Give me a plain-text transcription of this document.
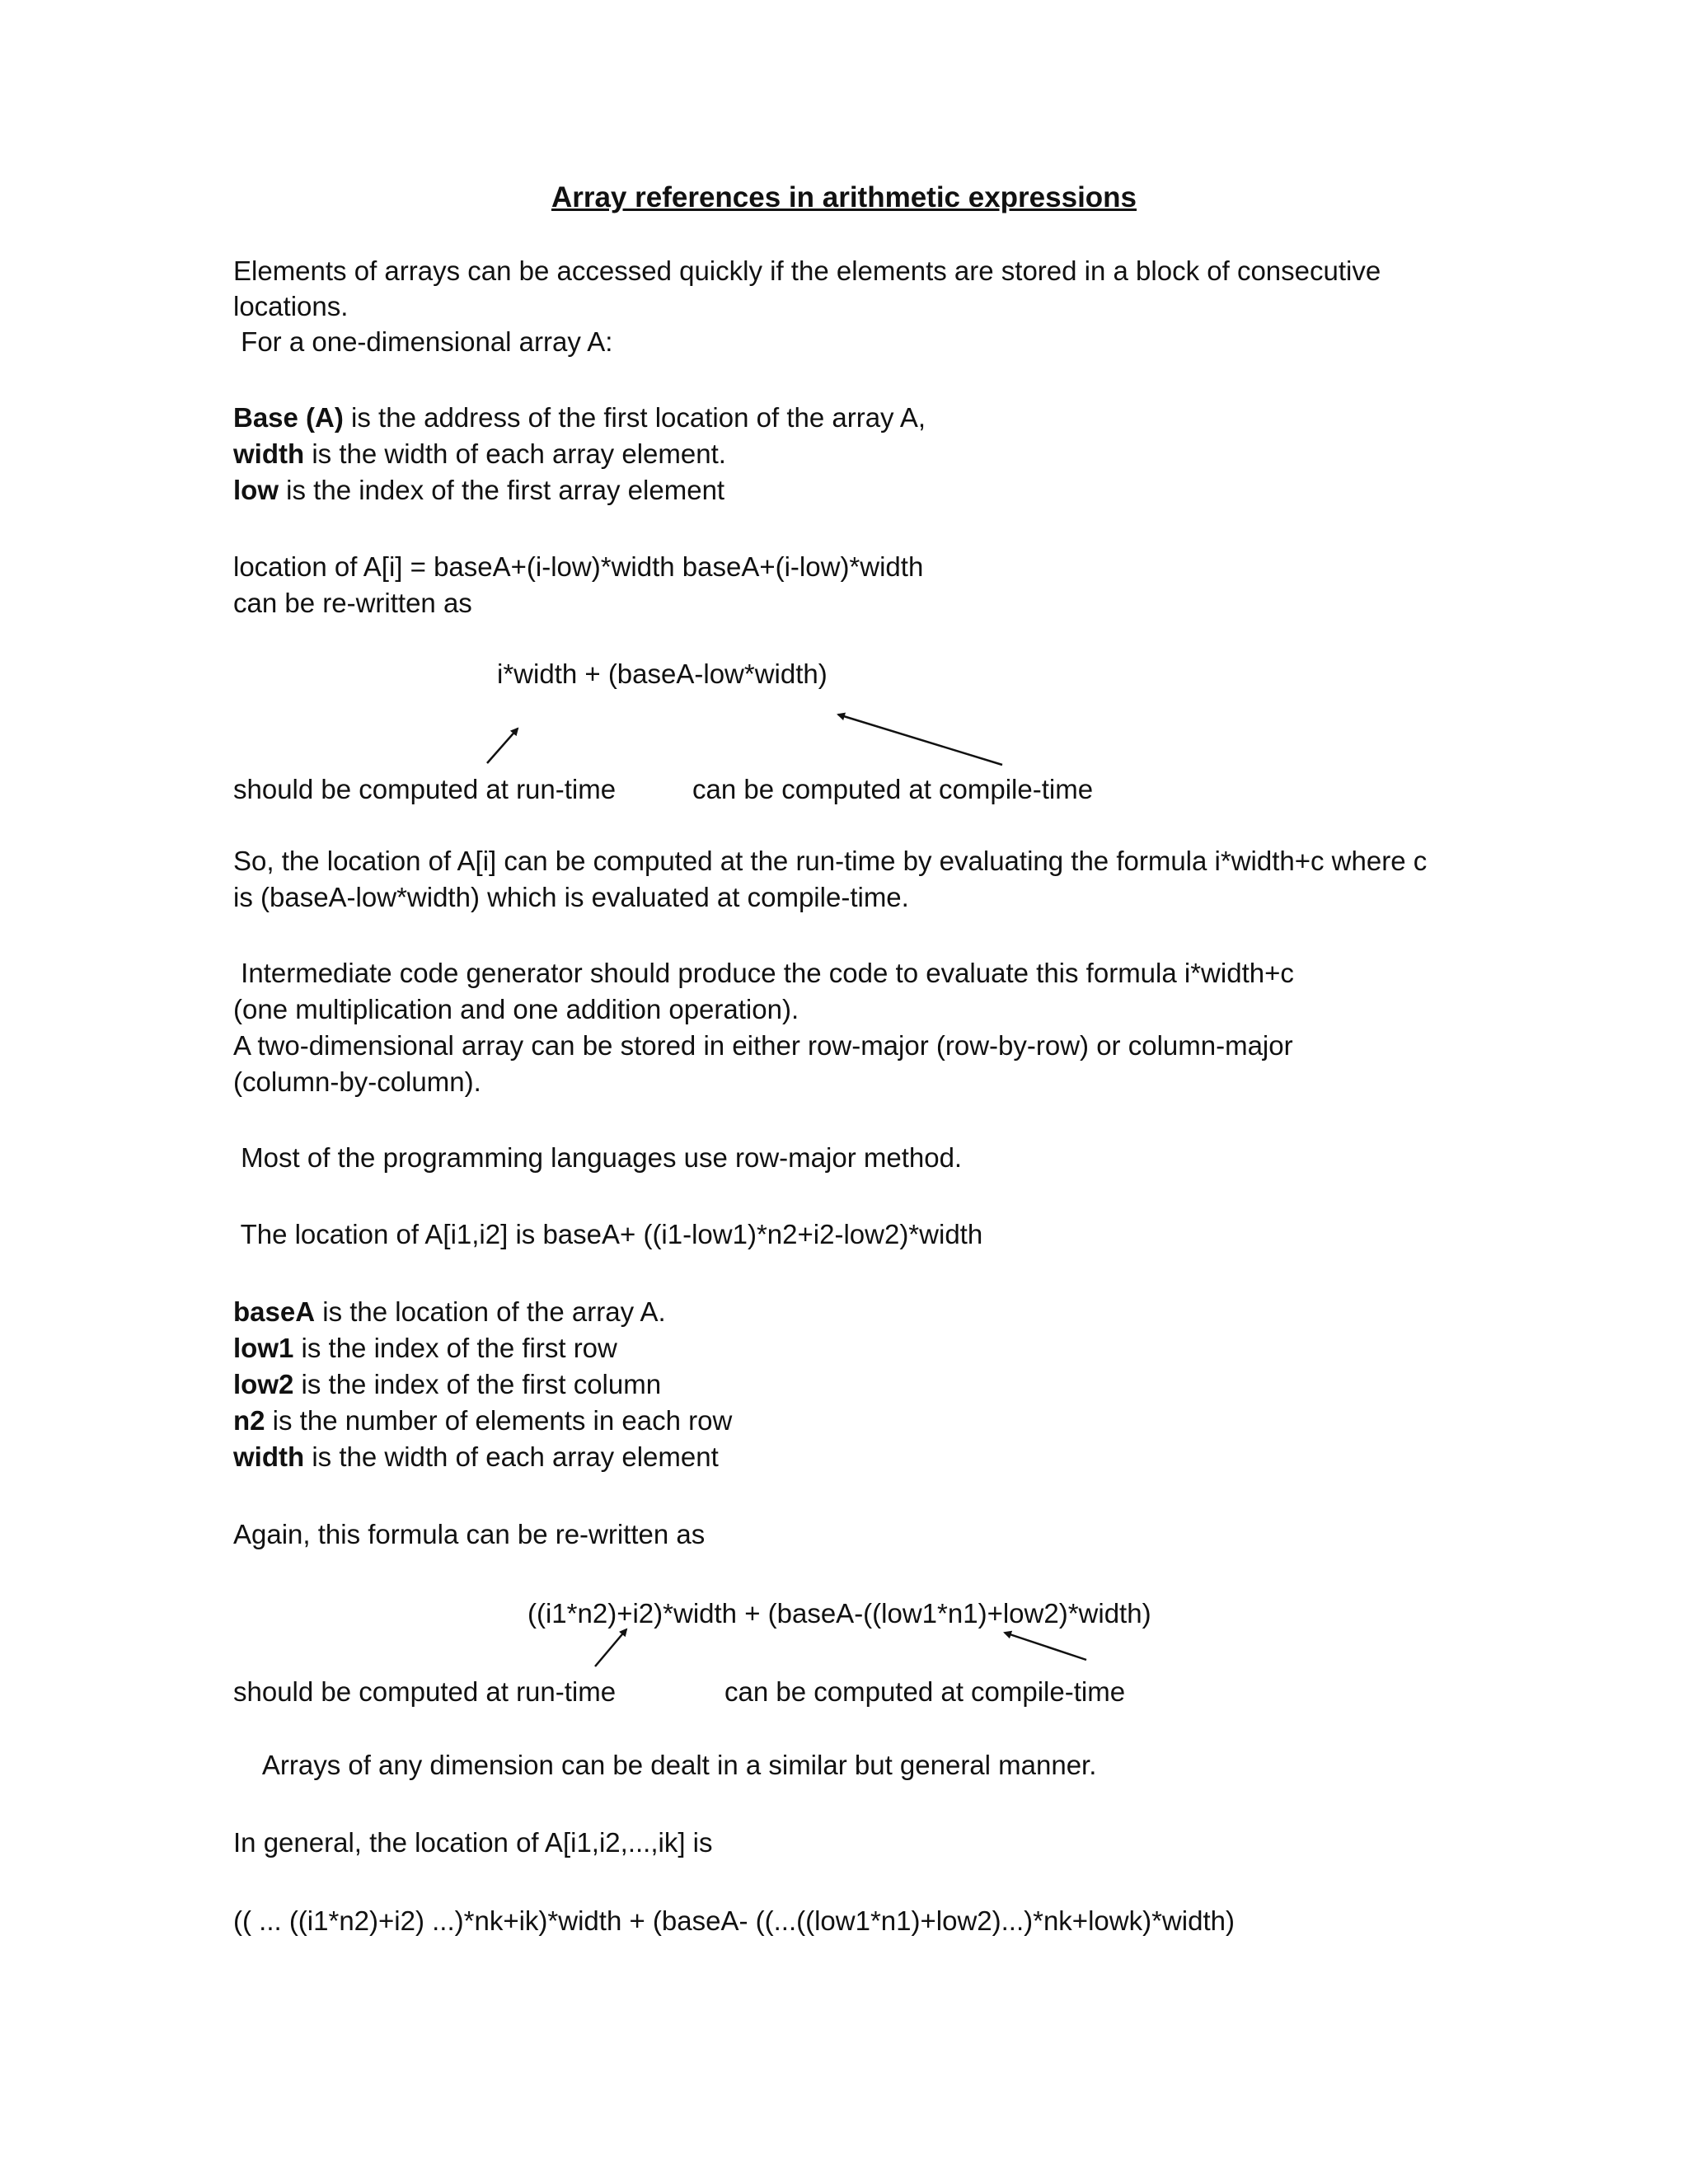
Array references in arithmetic expressions
Elements of arrays can be accessed quickly if the elements are stored in a block of consecutive
locations.
For a one-dimensional array A:
Base (A) is the address of the first location of the array A,
width is the width of each array element.
low is the index of the first array element
location of A[i] = baseA+(i-low)*width baseA+(i-low)*width
can be re-written as
i*width + (baseA-low*width)
should be computed at run-time	can be computed at compile-time
So, the location of A[i] can be computed at the run-time by evaluating the formula i*width+c where c
is (baseA-low*width) which is evaluated at compile-time.
Intermediate code generator should produce the code to evaluate this formula i*width+c
(one multiplication and one addition operation).
A two-dimensional array can be stored in either row-major (row-by-row) or column-major
(column-by-column).
Most of the programming languages use row-major method.
The location of A[i1,i2] is baseA+ ((i1-low1)*n2+i2-low2)*width
baseA is the location of the array A.
low1 is the index of the first row
low2 is the index of the first column
n2 is the number of elements in each row
width is the width of each array element
Again, this formula can be re-written as
((i1*n2)+i2)*width + (baseA-((low1*n1)+low2)*width)
should be computed at run-time	can be computed at compile-time
Arrays of any dimension can be dealt in a similar but general manner.
In general, the location of A[i1,i2,...,ik] is
(( ... ((i1*n2)+i2) ...)*nk+ik)*width + (baseA- ((...((low1*n1)+low2)...)*nk+lowk)*width)
